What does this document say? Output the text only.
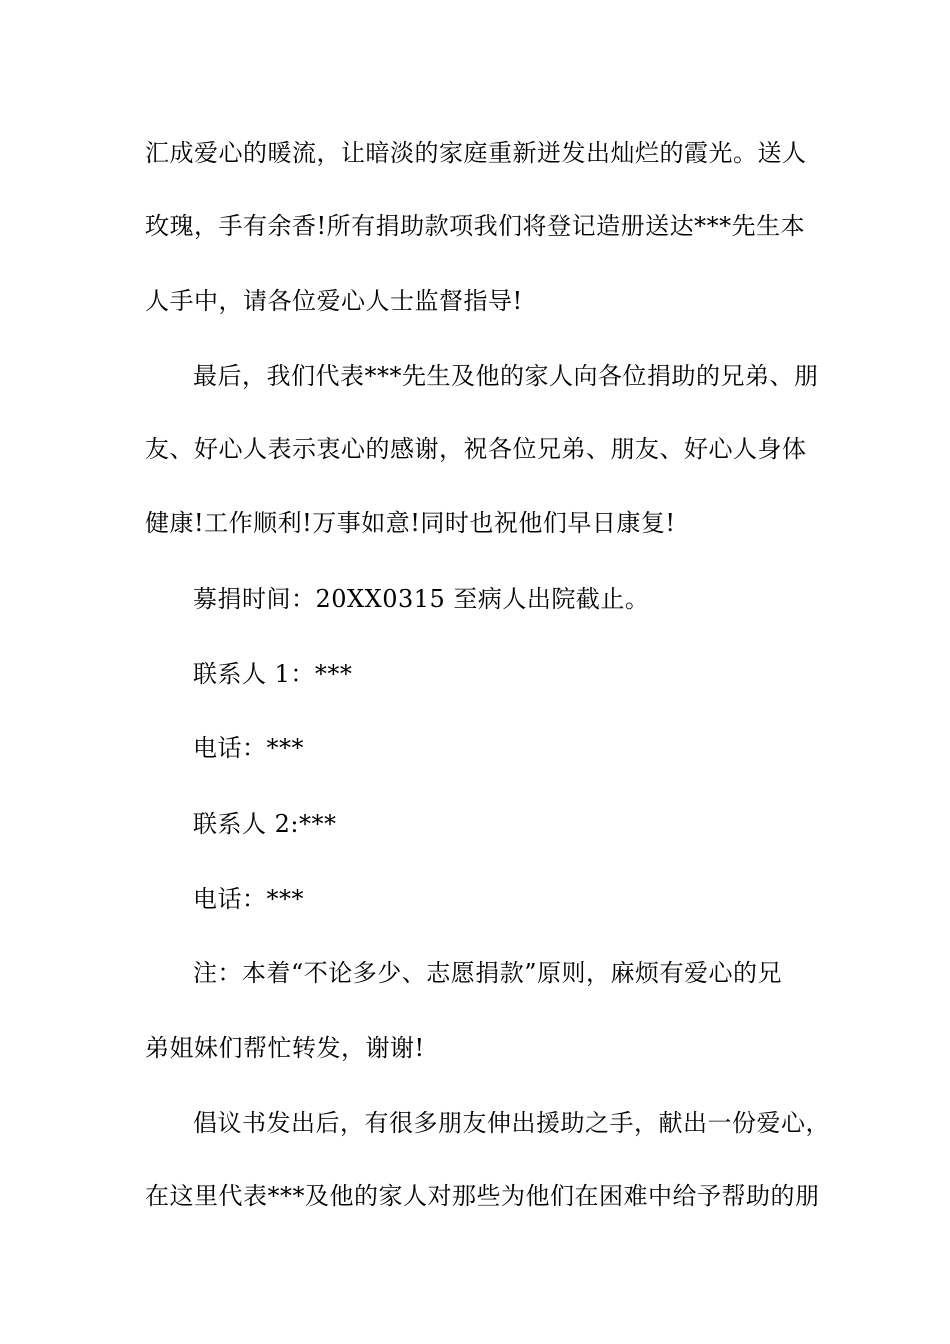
汇成爱心的暖流，让暗淡的家庭重新迸发出灿烂的霞光。送人

玫瑰，手有余香!所有捐助款项我们将登记造册送达***先生本

人手中，请各位爱心人士监督指导!

最后，我们代表***先生及他的家人向各位捐助的兄弟、朋

友、好心人表示衷心的感谢，祝各位兄弟、朋友、好心人身体

健康!工作顺利!万事如意!同时也祝他们早日康复!

募捐时间：20XX0315 至病人出院截止。

联系人 1：***

电话：***

联系人 2:***

电话：***

注：本着“不论多少、志愿捐款”原则，麻烦有爱心的兄

弟姐妹们帮忙转发，谢谢!

倡议书发出后，有很多朋友伸出援助之手，献出一份爱心，

在这里代表***及他的家人对那些为他们在困难中给予帮助的朋
